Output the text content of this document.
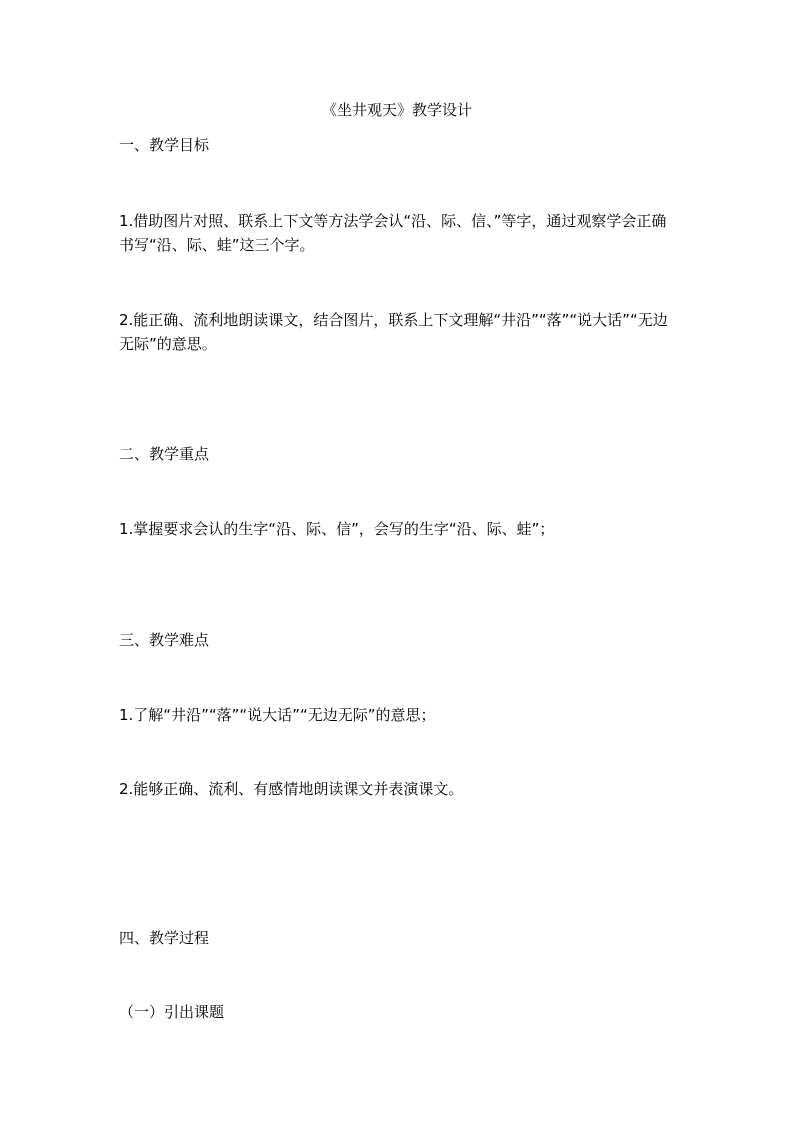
《坐井观天》教学设计
一、教学目标
1.借助图片对照、联系上下文等方法学会认“沿、际、信、”等字，通过观察学会正确书写“沿、际、蛙”这三个字。
2.能正确、流利地朗读课文，结合图片，联系上下文理解“井沿”“落”“说大话”“无边无际”的意思。
二、教学重点
1.掌握要求会认的生字“沿、际、信”，会写的生字“沿、际、蛙”；
三、教学难点
1.了解“井沿”“落”“说大话”“无边无际”的意思；
2.能够正确、流利、有感情地朗读课文并表演课文。
四、教学过程
（一）引出课题
